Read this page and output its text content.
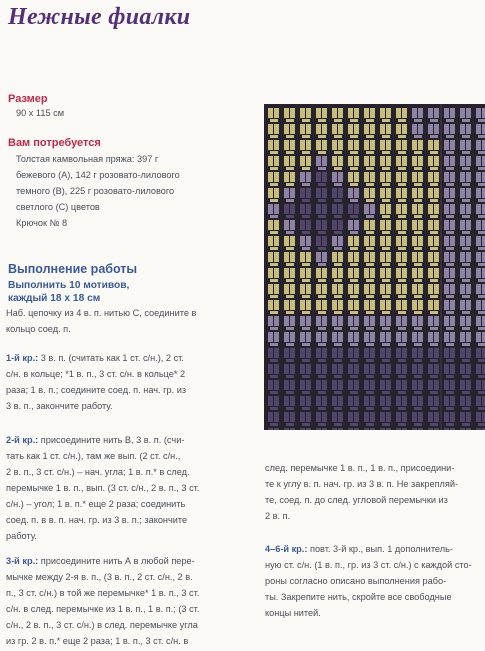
Нежные фиалки
Размер

90 х 115 см

Вам потребуется

Толстая камвольная пряжа: 397 г

бежевого (А), 142 г розовато-лилового

темного (В), 225 г розовато-лилового

светлого (С) цветов

Крючок № 8

Выполнение работы
Выполнить 10 мотивов,
каждый 18 х 18 см

Наб. цепочку из 4 в. п. нитью С, соедините в

кольцо соед. п.

1-й кр.: 3 в. п. (считать как 1 ст. с/н.), 2 ст.

с/н. в кольце; *1 в. п., 3 ст. с/н. в кольце* 2

раза; 1 в. п.; соедините соед. п. нач. гр. из

3 в. п., закончите работу.

2-й кр.: присоедините нить В, 3 в. п. (счи-

тать как 1 ст. с/н.), там же вып. (2 ст. с/н.,

2 в. п., 3 ст. с/н.) – нач. угла; 1 в. п.* в след.

перемычке 1 в. п., вып. (3 ст. с/н., 2 в. п., 3 ст.

с/н.) – угол; 1 в. п.* еще 2 раза; соединить

соед. п. в в. п. нач. гр. из 3 в. п.; закончите

работу.

3-й кр.: присоедините нить А в любой пере-

мычке между 2-я в. п., (3 в. п., 2 ст. с/н., 2 в.

п., 3 ст. с/н.) в той же перемычке* 1 в. п., 3 ст.

с/н. в след. перемычке из 1 в. п., 1 в. п.; (3 ст.

с/н., 2 в. п., 3 ст. с/н.) в след. перемычке угла

из гр. 2 в. п.* еще 2 раза; 1 в. п., 3 ст. с/н. в

след. перемычке 1 в. п., 1 в. п., присоедини-

те к углу в. п. нач. гр. из 3 в. п. Не закрепляй-

те, соед. п. до след. угловой перемычки из

2 в. п.

4–6-й кр.: повт. 3-й кр., вып. 1 дополнитель-

ную ст. с/н. (1 в. п., гр. из 3 ст. с/н.) с каждой сто-

роны согласно описано выполнения рабо-

ты. Закрепите нить, скройте все свободные

концы нитей.
